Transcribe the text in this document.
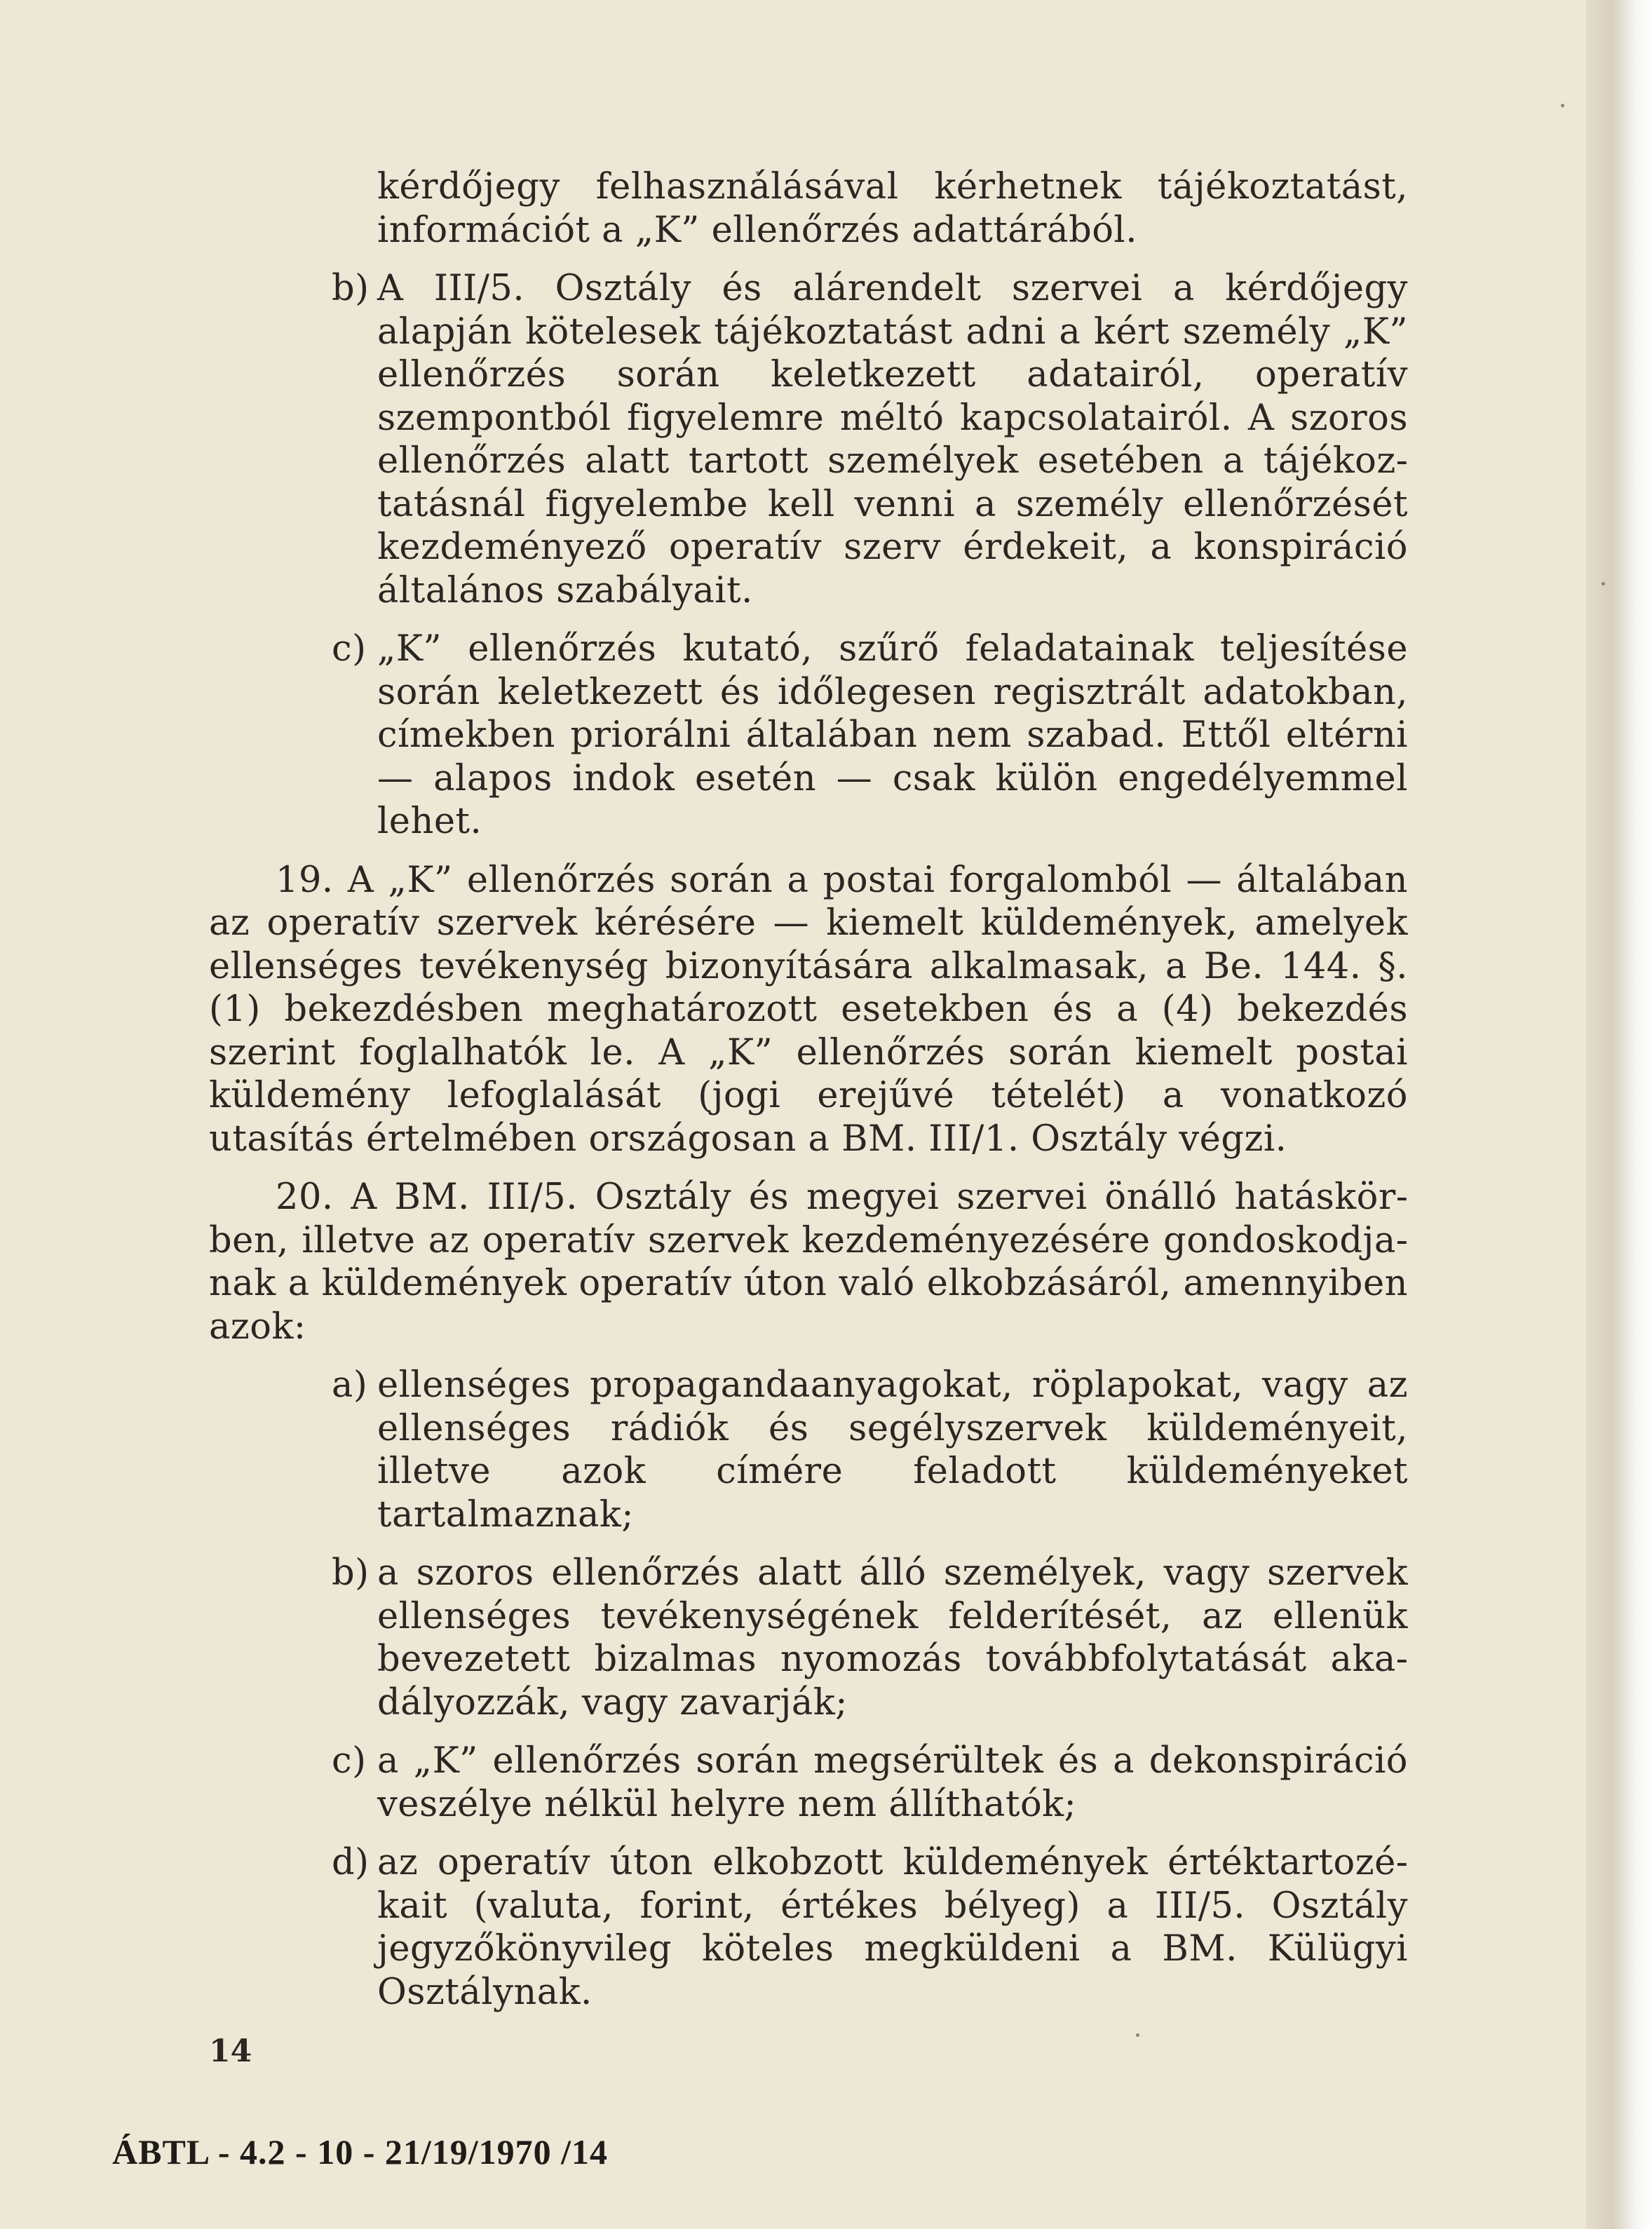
kérdőjegy felhasználásával kérhetnek tájékoztatást, információt a „K” ellenőrzés adattárából.

b) A III/5. Osztály és alárendelt szervei a kérdőjegy alapján kötelesek tájékoztatást adni a kért személy „K” ellenőrzés során keletkezett adatairól, operatív szempontból figyelemre méltó kapcsolatairól. A szoros ellenőrzés alatt tartott személyek esetében a tájékoztatásnál figyelembe kell venni a személy ellenőrzését kezdeményező operatív szerv érdekeit, a konspiráció általános szabályait.
c) „K” ellenőrzés kutató, szűrő feladatainak teljesítése során keletkezett és időlegesen regisztrált adatokban, címekben priorálni általában nem szabad. Ettől eltérni — alapos indok esetén — csak külön engedélyemmel lehet.

19. A „K” ellenőrzés során a postai forgalomból — általában az operatív szervek kérésére — kiemelt küldemények, amelyek ellenséges tevékenység bizonyítására alkalmasak, a Be. 144. §. (1) bekezdésben meghatározott esetekben és a (4) bekezdés szerint foglalhatók le. A „K” ellenőrzés során kiemelt postai küldemény lefoglalását (jogi erejűvé tételét) a vonatkozó utasítás értelmében országosan a BM. III/1. Osztály végzi.

20. A BM. III/5. Osztály és megyei szervei önálló hatáskörben, illetve az operatív szervek kezdeményezésére gondoskodjanak a küldemények operatív úton való elkobzásáról, amennyiben azok:

a) ellenséges propagandaanyagokat, röplapokat, vagy az ellenséges rádiók és segélyszervek küldeményeit, illetve azok címére feladott küldeményeket tartalmaznak;
b) a szoros ellenőrzés alatt álló személyek, vagy szervek ellenséges tevékenységének felderítését, az ellenük bevezetett bizalmas nyomozás továbbfolytatását akadályozzák, vagy zavarják;
c) a „K” ellenőrzés során megsérültek és a dekonspiráció veszélye nélkül helyre nem állíthatók;
d) az operatív úton elkobzott küldemények értéktartozékait (valuta, forint, értékes bélyeg) a III/5. Osztály jegyzőkönyvileg köteles megküldeni a BM. Külügyi Osztálynak.
14
ÁBTL - 4.2 - 10 - 21/19/1970 /14
